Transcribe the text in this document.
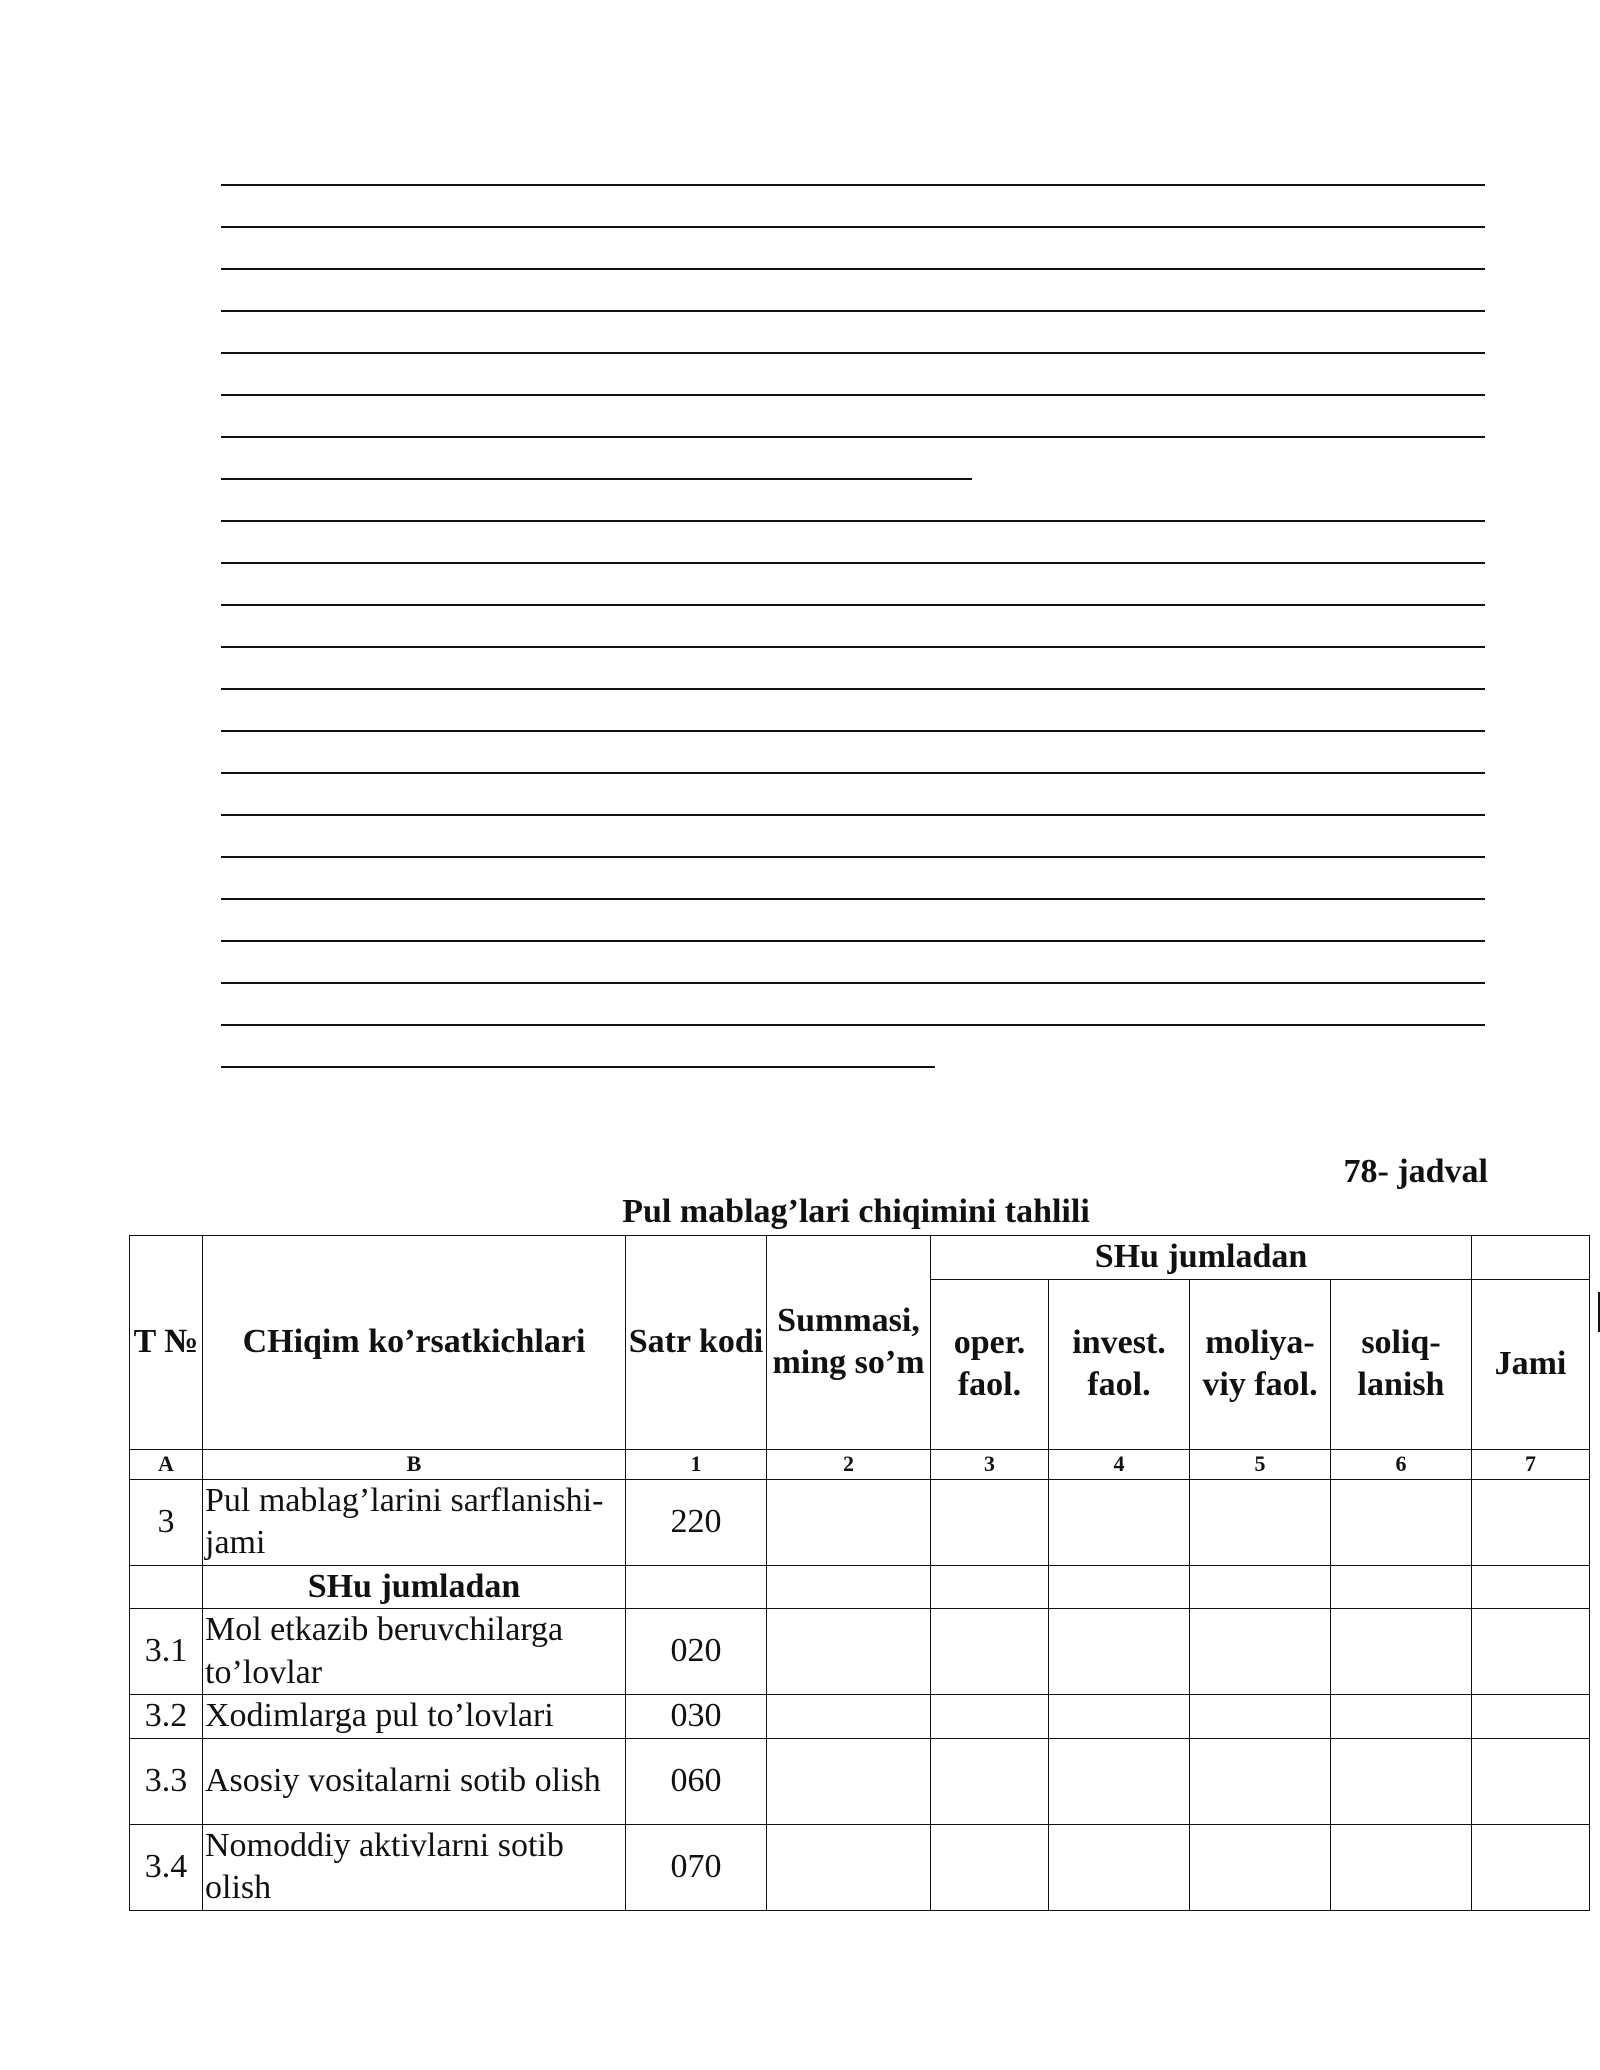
78- jadval
Pul mablag’lari chiqimini tahlili
T №	CHiqim ko’rsatkichlari	Satr kodi	Summasi, ming so’m	SHu jumladan				
				oper. faol.	invest. faol.	moliya-viy faol.	soliq-lanish	Jami
A	B	1	2	3	4	5	6	7
3	Pul mablag’larini sarflanishi-jami	220						
	SHu jumladan							
3.1	Mol etkazib beruvchilarga to’lovlar	020						
3.2	Xodimlarga pul to’lovlari	030						
3.3	Asosiy vositalarni sotib olish	060						
3.4	Nomoddiy aktivlarni sotib olish	070						
